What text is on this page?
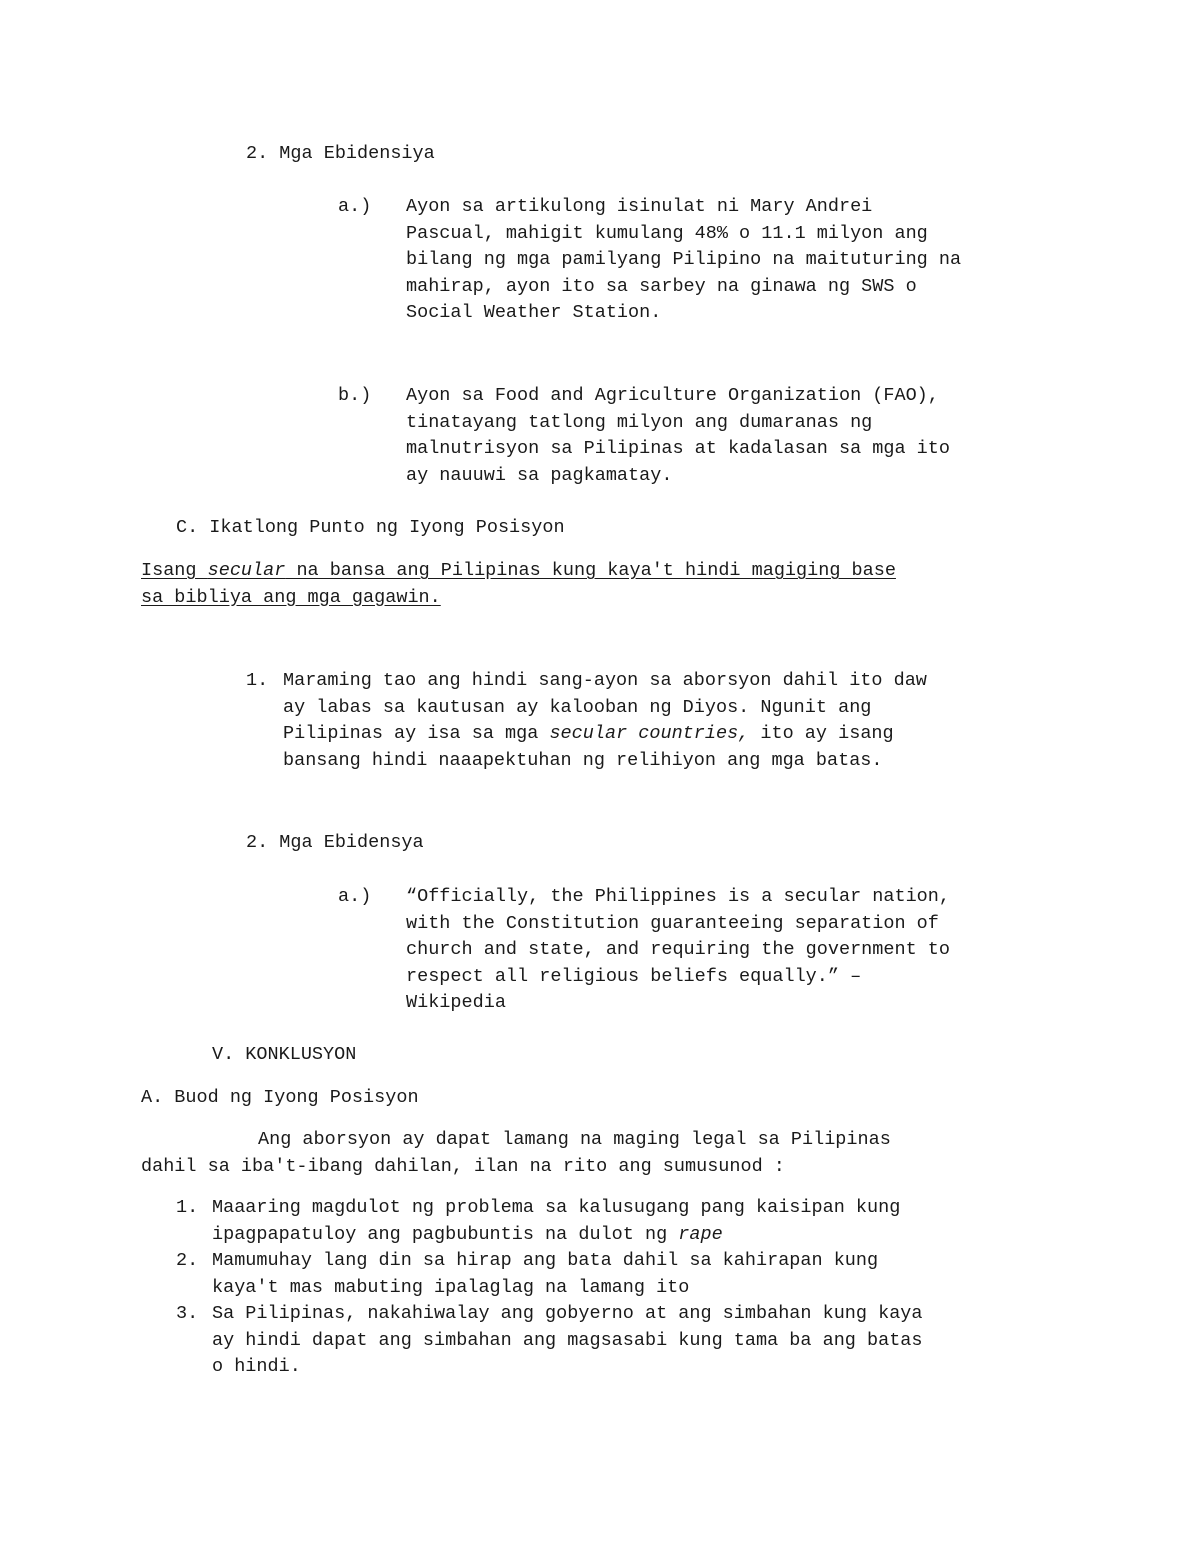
2. Mga Ebidensiya
a.) Ayon sa artikulong isinulat ni Mary Andrei
Pascual, mahigit kumulang 48% o 11.1 milyon ang
bilang ng mga pamilyang Pilipino na maituturing na
mahirap, ayon ito sa sarbey na ginawa ng SWS o
Social Weather Station.
b.) Ayon sa Food and Agriculture Organization (FAO),
tinatayang tatlong milyon ang dumaranas ng
malnutrisyon sa Pilipinas at kadalasan sa mga ito
ay nauuwi sa pagkamatay.
C. Ikatlong Punto ng Iyong Posisyon
Isang secular na bansa ang Pilipinas kung kaya't hindi magiging base
sa bibliya ang mga gagawin.
1. Maraming tao ang hindi sang-ayon sa aborsyon dahil ito daw
ay labas sa kautusan ay kalooban ng Diyos. Ngunit ang
Pilipinas ay isa sa mga secular countries, ito ay isang
bansang hindi naaapektuhan ng relihiyon ang mga batas.
2. Mga Ebidensya
a.) “Officially, the Philippines is a secular nation,
with the Constitution guaranteeing separation of
church and state, and requiring the government to
respect all religious beliefs equally.” –
Wikipedia
V. KONKLUSYON
A. Buod ng Iyong Posisyon
Ang aborsyon ay dapat lamang na maging legal sa Pilipinas
dahil sa iba't-ibang dahilan, ilan na rito ang sumusunod :
1. Maaaring magdulot ng problema sa kalusugang pang kaisipan kung
ipagpapatuloy ang pagbubuntis na dulot ng rape
2. Mamumuhay lang din sa hirap ang bata dahil sa kahirapan kung
kaya't mas mabuting ipalaglag na lamang ito
3. Sa Pilipinas, nakahiwalay ang gobyerno at ang simbahan kung kaya
ay hindi dapat ang simbahan ang magsasabi kung tama ba ang batas
o hindi.
